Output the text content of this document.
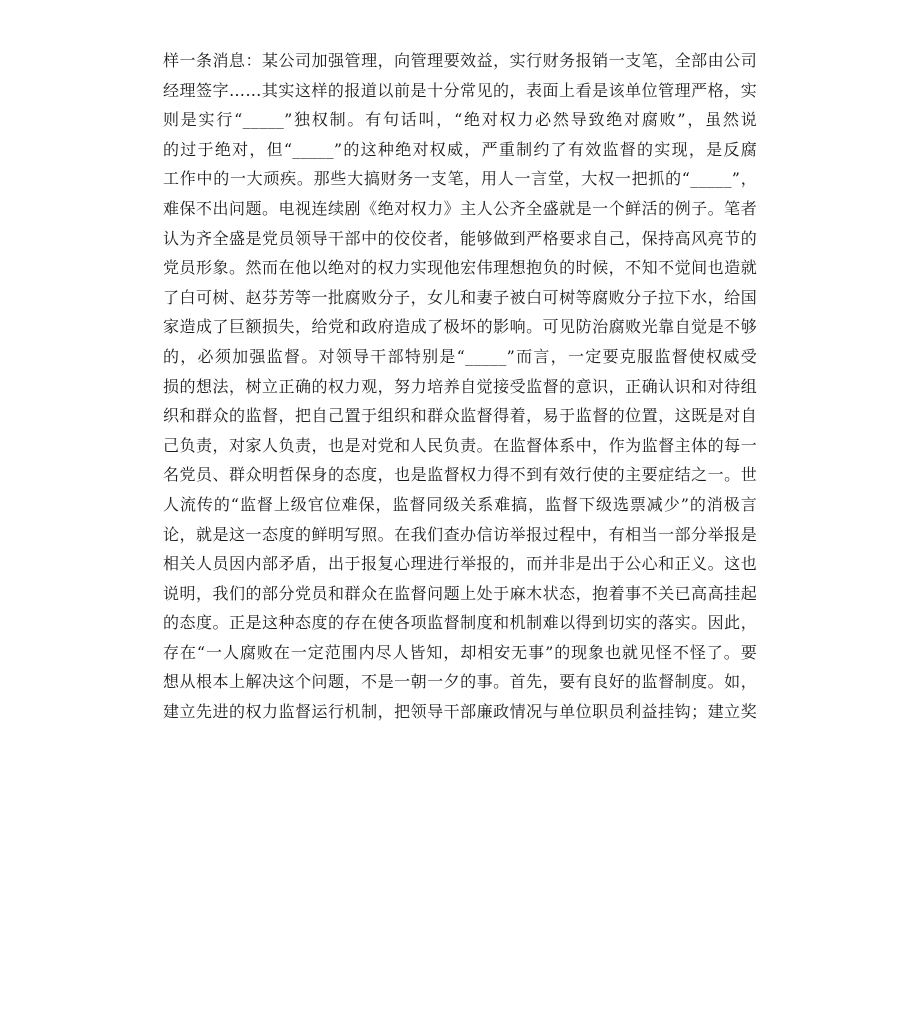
样一条消息：某公司加强管理，向管理要效益，实行财务报销一支笔，全部由公司
经理签字……其实这样的报道以前是十分常见的，表面上看是该单位管理严格，实
则是实行“_____”独权制。有句话叫，“绝对权力必然导致绝对腐败”，虽然说
的过于绝对，但“_____”的这种绝对权威，严重制约了有效监督的实现，是反腐
工作中的一大顽疾。那些大搞财务一支笔，用人一言堂，大权一把抓的“_____”，
难保不出问题。电视连续剧《绝对权力》主人公齐全盛就是一个鲜活的例子。笔者
认为齐全盛是党员领导干部中的佼佼者，能够做到严格要求自己，保持高风亮节的
党员形象。然而在他以绝对的权力实现他宏伟理想抱负的时候，不知不觉间也造就
了白可树、赵芬芳等一批腐败分子，女儿和妻子被白可树等腐败分子拉下水，给国
家造成了巨额损失，给党和政府造成了极坏的影响。可见防治腐败光靠自觉是不够
的，必须加强监督。对领导干部特别是“_____”而言，一定要克服监督使权威受
损的想法，树立正确的权力观，努力培养自觉接受监督的意识，正确认识和对待组
织和群众的监督，把自己置于组织和群众监督得着，易于监督的位置，这既是对自
己负责，对家人负责，也是对党和人民负责。在监督体系中，作为监督主体的每一
名党员、群众明哲保身的态度，也是监督权力得不到有效行使的主要症结之一。世
人流传的“监督上级官位难保，监督同级关系难搞，监督下级选票减少”的消极言
论，就是这一态度的鲜明写照。在我们查办信访举报过程中，有相当一部分举报是
相关人员因内部矛盾，出于报复心理进行举报的，而并非是出于公心和正义。这也
说明，我们的部分党员和群众在监督问题上处于麻木状态，抱着事不关已高高挂起
的态度。正是这种态度的存在使各项监督制度和机制难以得到切实的落实。因此，
存在“一人腐败在一定范围内尽人皆知，却相安无事”的现象也就见怪不怪了。要
想从根本上解决这个问题，不是一朝一夕的事。首先，要有良好的监督制度。如，
建立先进的权力监督运行机制，把领导干部廉政情况与单位职员利益挂钩；建立奖
